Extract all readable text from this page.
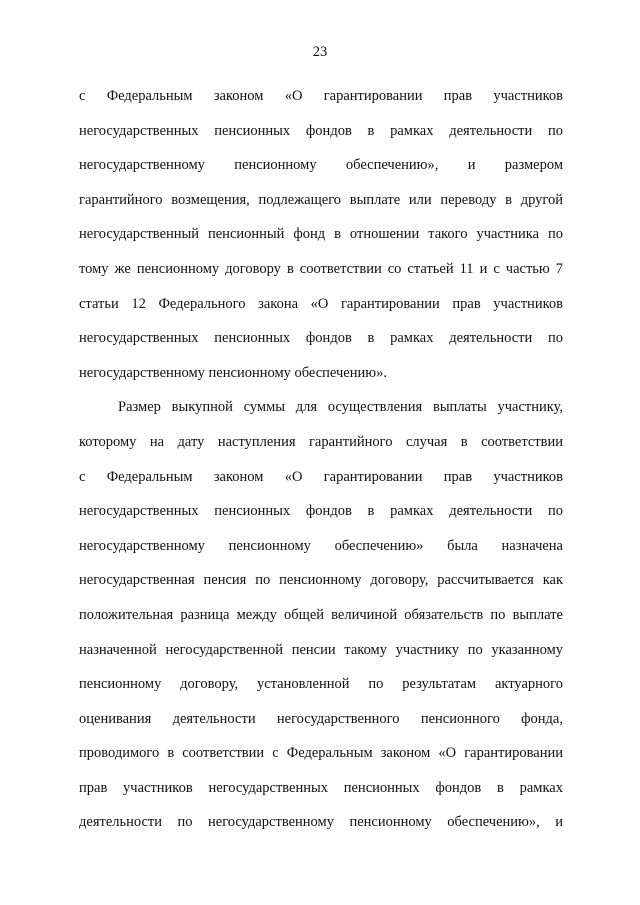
23
с Федеральным законом «О гарантировании прав участников
негосударственных пенсионных фондов в рамках деятельности по
негосударственному пенсионному обеспечению», и размером
гарантийного возмещения, подлежащего выплате или переводу в другой
негосударственный пенсионный фонд в отношении такого участника по
тому же пенсионному договору в соответствии со статьей 11 и с частью 7
статьи 12 Федерального закона «О гарантировании прав участников
негосударственных пенсионных фондов в рамках деятельности по
негосударственному пенсионному обеспечению».
Размер выкупной суммы для осуществления выплаты участнику,
которому на дату наступления гарантийного случая в соответствии
с Федеральным законом «О гарантировании прав участников
негосударственных пенсионных фондов в рамках деятельности по
негосударственному пенсионному обеспечению» была назначена
негосударственная пенсия по пенсионному договору, рассчитывается как
положительная разница между общей величиной обязательств по выплате
назначенной негосударственной пенсии такому участнику по указанному
пенсионному договору, установленной по результатам актуарного
оценивания деятельности негосударственного пенсионного фонда,
проводимого в соответствии с Федеральным законом «О гарантировании
прав участников негосударственных пенсионных фондов в рамках
деятельности по негосударственному пенсионному обеспечению», и
